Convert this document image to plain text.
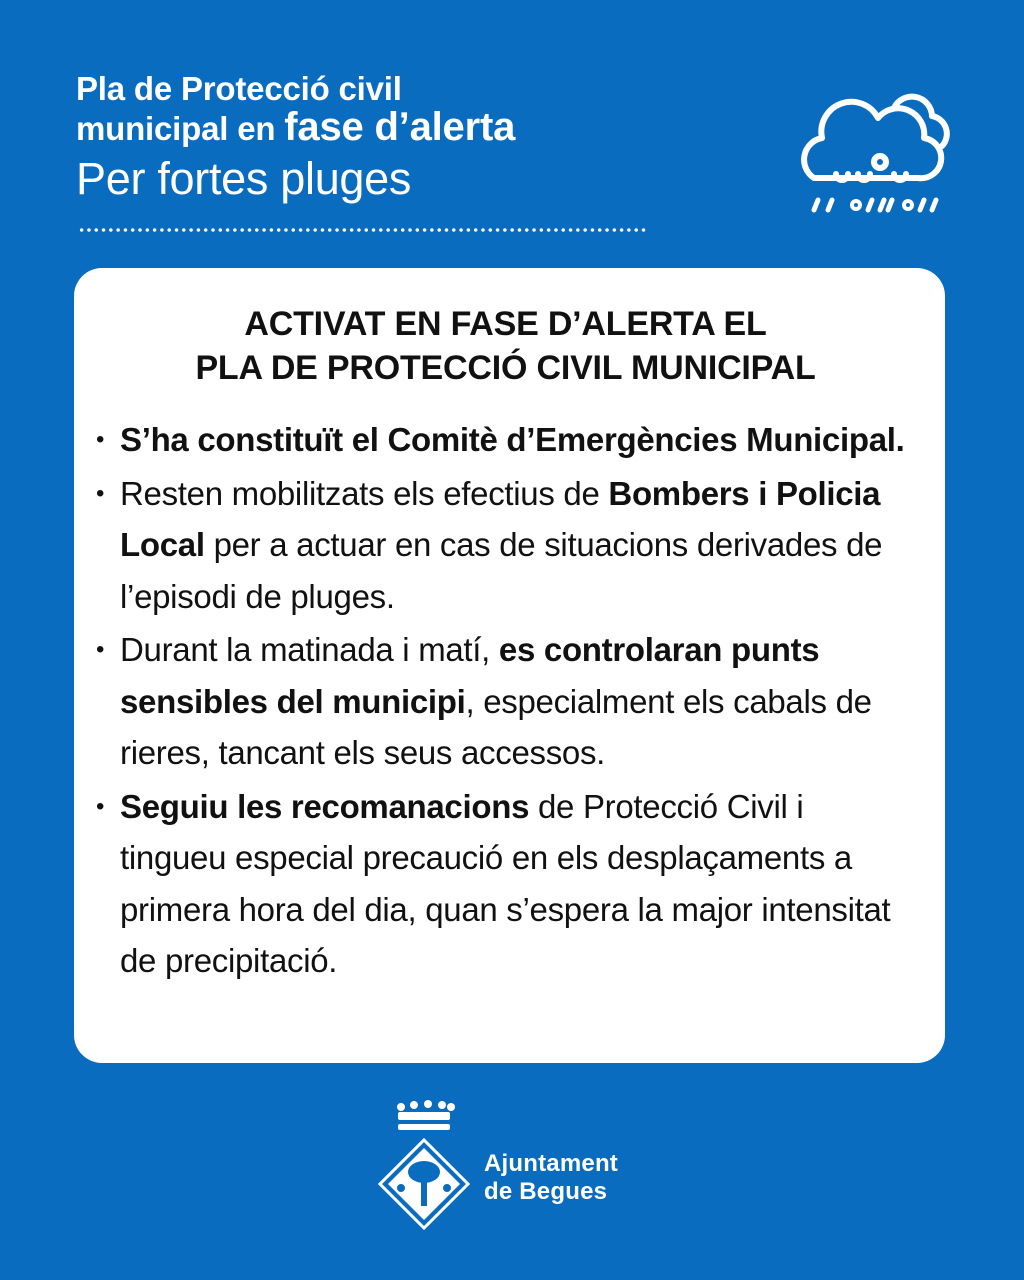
Pla de Protecció civil
municipal en fase d’alerta
Per fortes pluges
ACTIVAT EN FASE D’ALERTA EL
PLA DE PROTECCIÓ CIVIL MUNICIPAL
• S’ha constituït el Comitè d’Emergències Municipal.
• Resten mobilitzats els efectius de Bombers i Policia Local per a actuar en cas de situacions derivades de l’episodi de pluges.
• Durant la matinada i matí, es controlaran punts sensibles del municipi, especialment els cabals de rieres, tancant els seus accessos.
• Seguiu les recomanacions de Protecció Civil i tingueu especial precaució en els desplaçaments a primera hora del dia, quan s’espera la major intensitat de precipitació.
Ajuntament
de Begues
